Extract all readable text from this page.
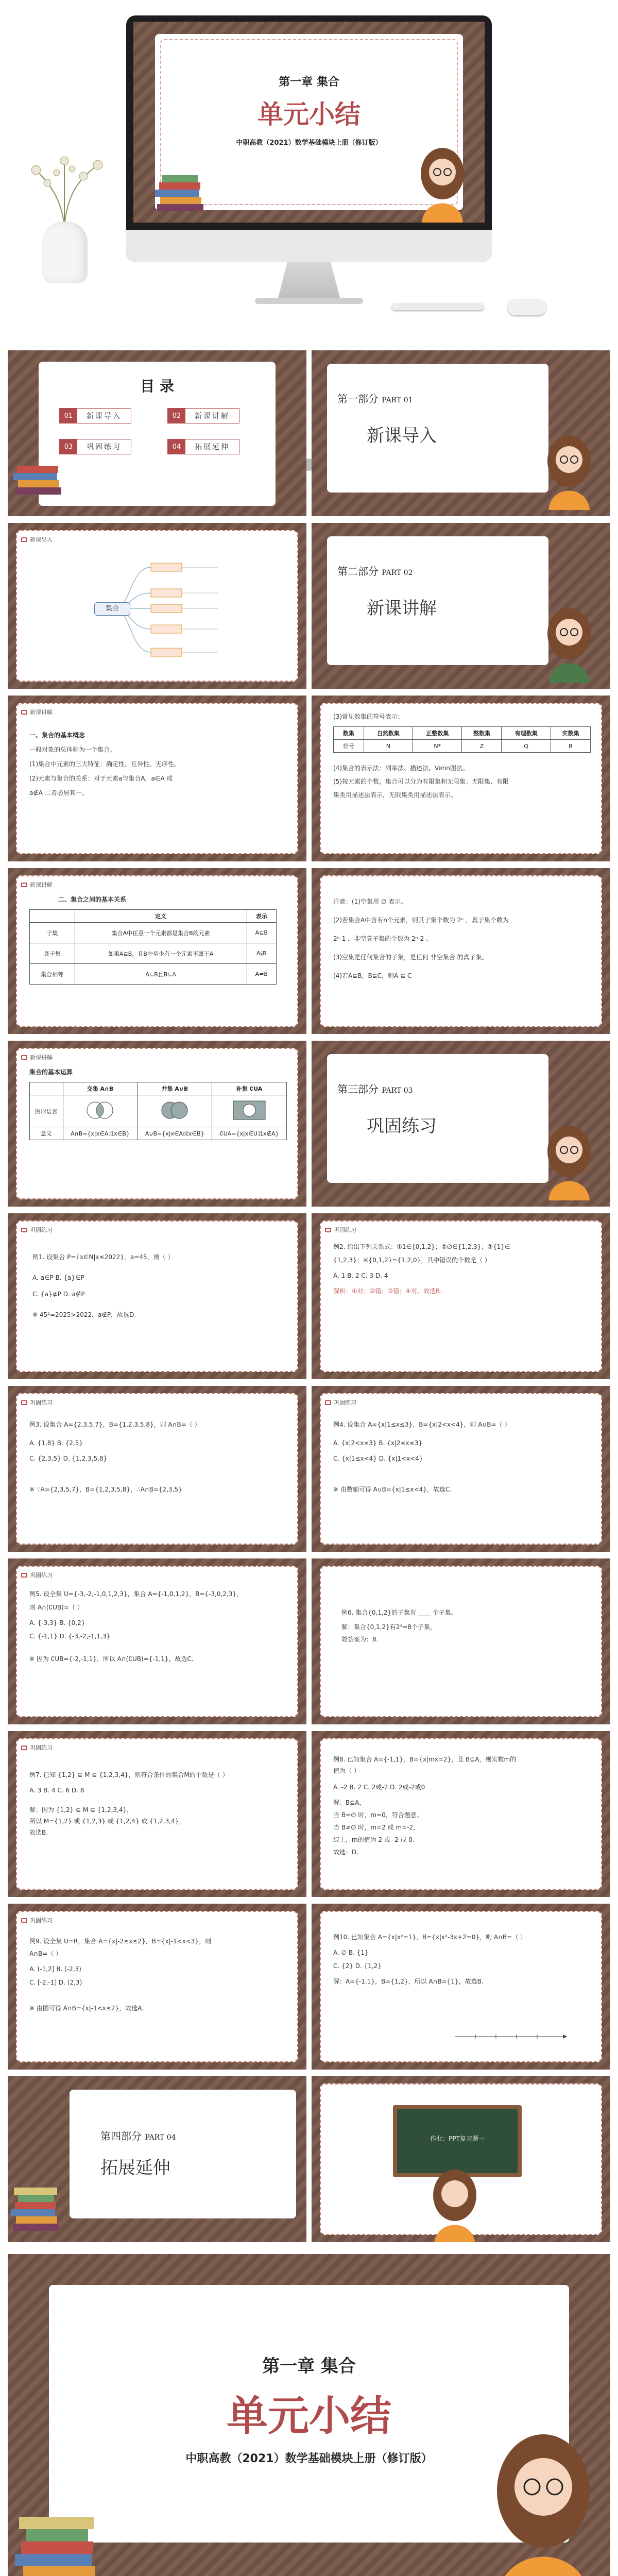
第一章 集合
单元小结
中职高教（2021）数学基础模块上册（修订版）
目 录
01	新课导入	02	新课讲解
03	巩固练习	04	拓展延伸
第一部分 PART 01
新课导入
新课导入
集合
第二部分 PART 02
新课讲解
新课讲解
一、集合的基本概念
一般对象的总体称为一个集合。
(1)集合中元素的三大特征：确定性、互异性、无序性。
(2)元素与集合的关系：对于元素a与集合A，a∈A 或
a∉A 二者必居其一。
(3)常见数集的符号表示：
数集	自然数集	正整数集	整数集	有理数集	实数集
符号	N	N*	Z	Q	R
(4)集合的表示法：列举法、描述法、Venn图法。
(5)按元素的个数，集合可以分为有限集和无限集；无限集、有限
集类用描述法表示，无限集类用描述法表示。
新课讲解
二、集合之间的基本关系
	定义	表示
子集	集合A中任意一个元素都是集合B的元素	A⊆B
真子集	如果A⊆B，且B中至少有一个元素不属于A	A⫋B
集合相等	A⊆B且B⊆A	A=B
注意：(1)空集用 ∅ 表示。
(2)若集合A中含有n个元素，则其子集个数为 2ⁿ ，真子集个数为
2ⁿ-1 ，非空真子集的个数为 2ⁿ-2 。
(3)空集是任何集合的子集，是任何 非空集合 的真子集。
(4)若A⊆B，B⊆C，则A ⊆ C
新课讲解
集合的基本运算
	交集 A∩B	并集 A∪B	补集 ∁UA
图形语言			
意义	A∩B={x|x∈A且x∈B}	A∪B={x|x∈A或x∈B}	∁UA={x|x∈U且x∉A}
第三部分 PART 03
巩固练习
巩固练习
例1. 设集合 P={x∈N|x≤2022}，a=45，则（ ）
A. a∈P B. {a}∈P
C. {a}⊄P D. a∉P
※ 45²=2025>2022，a∉P，故选D.
巩固练习
例2. 给出下列关系式：①1∈{0,1,2}；②∅∈{1,2,3}；③{1}∈
{1,2,3}；④{0,1,2}={1,2,0}，其中错误的个数是（ ）
A. 1 B. 2 C. 3 D. 4
解析：①对；②错；③错；④对。故选B.
巩固练习
例3. 设集合 A={2,3,5,7}，B={1,2,3,5,8}，则 A∩B=（ ）
A. {1,8} B. {2,5}
C. {2,3,5} D. {1,2,3,5,8}
※ ∵A={2,3,5,7}，B={1,2,3,5,8}，∴A∩B={2,3,5}
巩固练习
例4. 设集合 A={x|1≤x≤3}，B={x|2<x<4}，则 A∪B=（ ）
A. {x|2<x≤3} B. {x|2≤x≤3}
C. {x|1≤x<4} D. {x|1<x<4}
※ 由数轴可得 A∪B={x|1≤x<4}，故选C.
巩固练习
例5. 设全集 U={-3,-2,-1,0,1,2,3}，集合 A={-1,0,1,2}，B={-3,0,2,3}，
则 A∩(∁UB)=（ ）
A. {-3,3} B. {0,2}
C. {-1,1} D. {-3,-2,-1,1,3}
※ 因为 ∁UB={-2,-1,1}，所以 A∩(∁UB)={-1,1}，故选C.
例6. 集合{0,1,2}的子集有 ____ 个子集。
解：集合{0,1,2}有2³=8个子集，
故答案为：8.
巩固练习
例7. 已知 {1,2} ⊆ M ⊆ {1,2,3,4}，则符合条件的集合M的个数是（ ）
A. 3 B. 4 C. 6 D. 8
解：因为 {1,2} ⊆ M ⊆ {1,2,3,4}，
所以 M={1,2} 或 {1,2,3} 或 {1,2,4} 或 {1,2,3,4}，
故选B.
例8. 已知集合 A={-1,1}，B={x|mx=2}，且 B⊆A，则实数m的
值为（ ）
A. -2 B. 2 C. 2或-2 D. 2或-2或0
解：B⊆A，
当 B=∅ 时，m=0，符合题意。
当 B≠∅ 时，m=2 或 m=-2，
综上，m的值为 2 或 -2 或 0.
故选：D.
巩固练习
例9. 设全集 U=R，集合 A={x|-2≤x≤2}，B={x|-1<x<3}，则
A∩B=（ ）
A. (-1,2] B. [-2,3)
C. [-2,-1] D. (2,3)
※ 由图可得 A∩B={x|-1<x≤2}，故选A.
例10. 已知集合 A={x|x²=1}，B={x|x²-3x+2=0}，则 A∩B=（ ）
A. ∅ B. {1}
C. {2} D. {1,2}
解：A={-1,1}，B={1,2}，所以 A∩B={1}，故选B.
第四部分 PART 04
拓展延伸
作业：PPT复习题一
第一章 集合
单元小结
中职高教（2021）数学基础模块上册（修订版）
